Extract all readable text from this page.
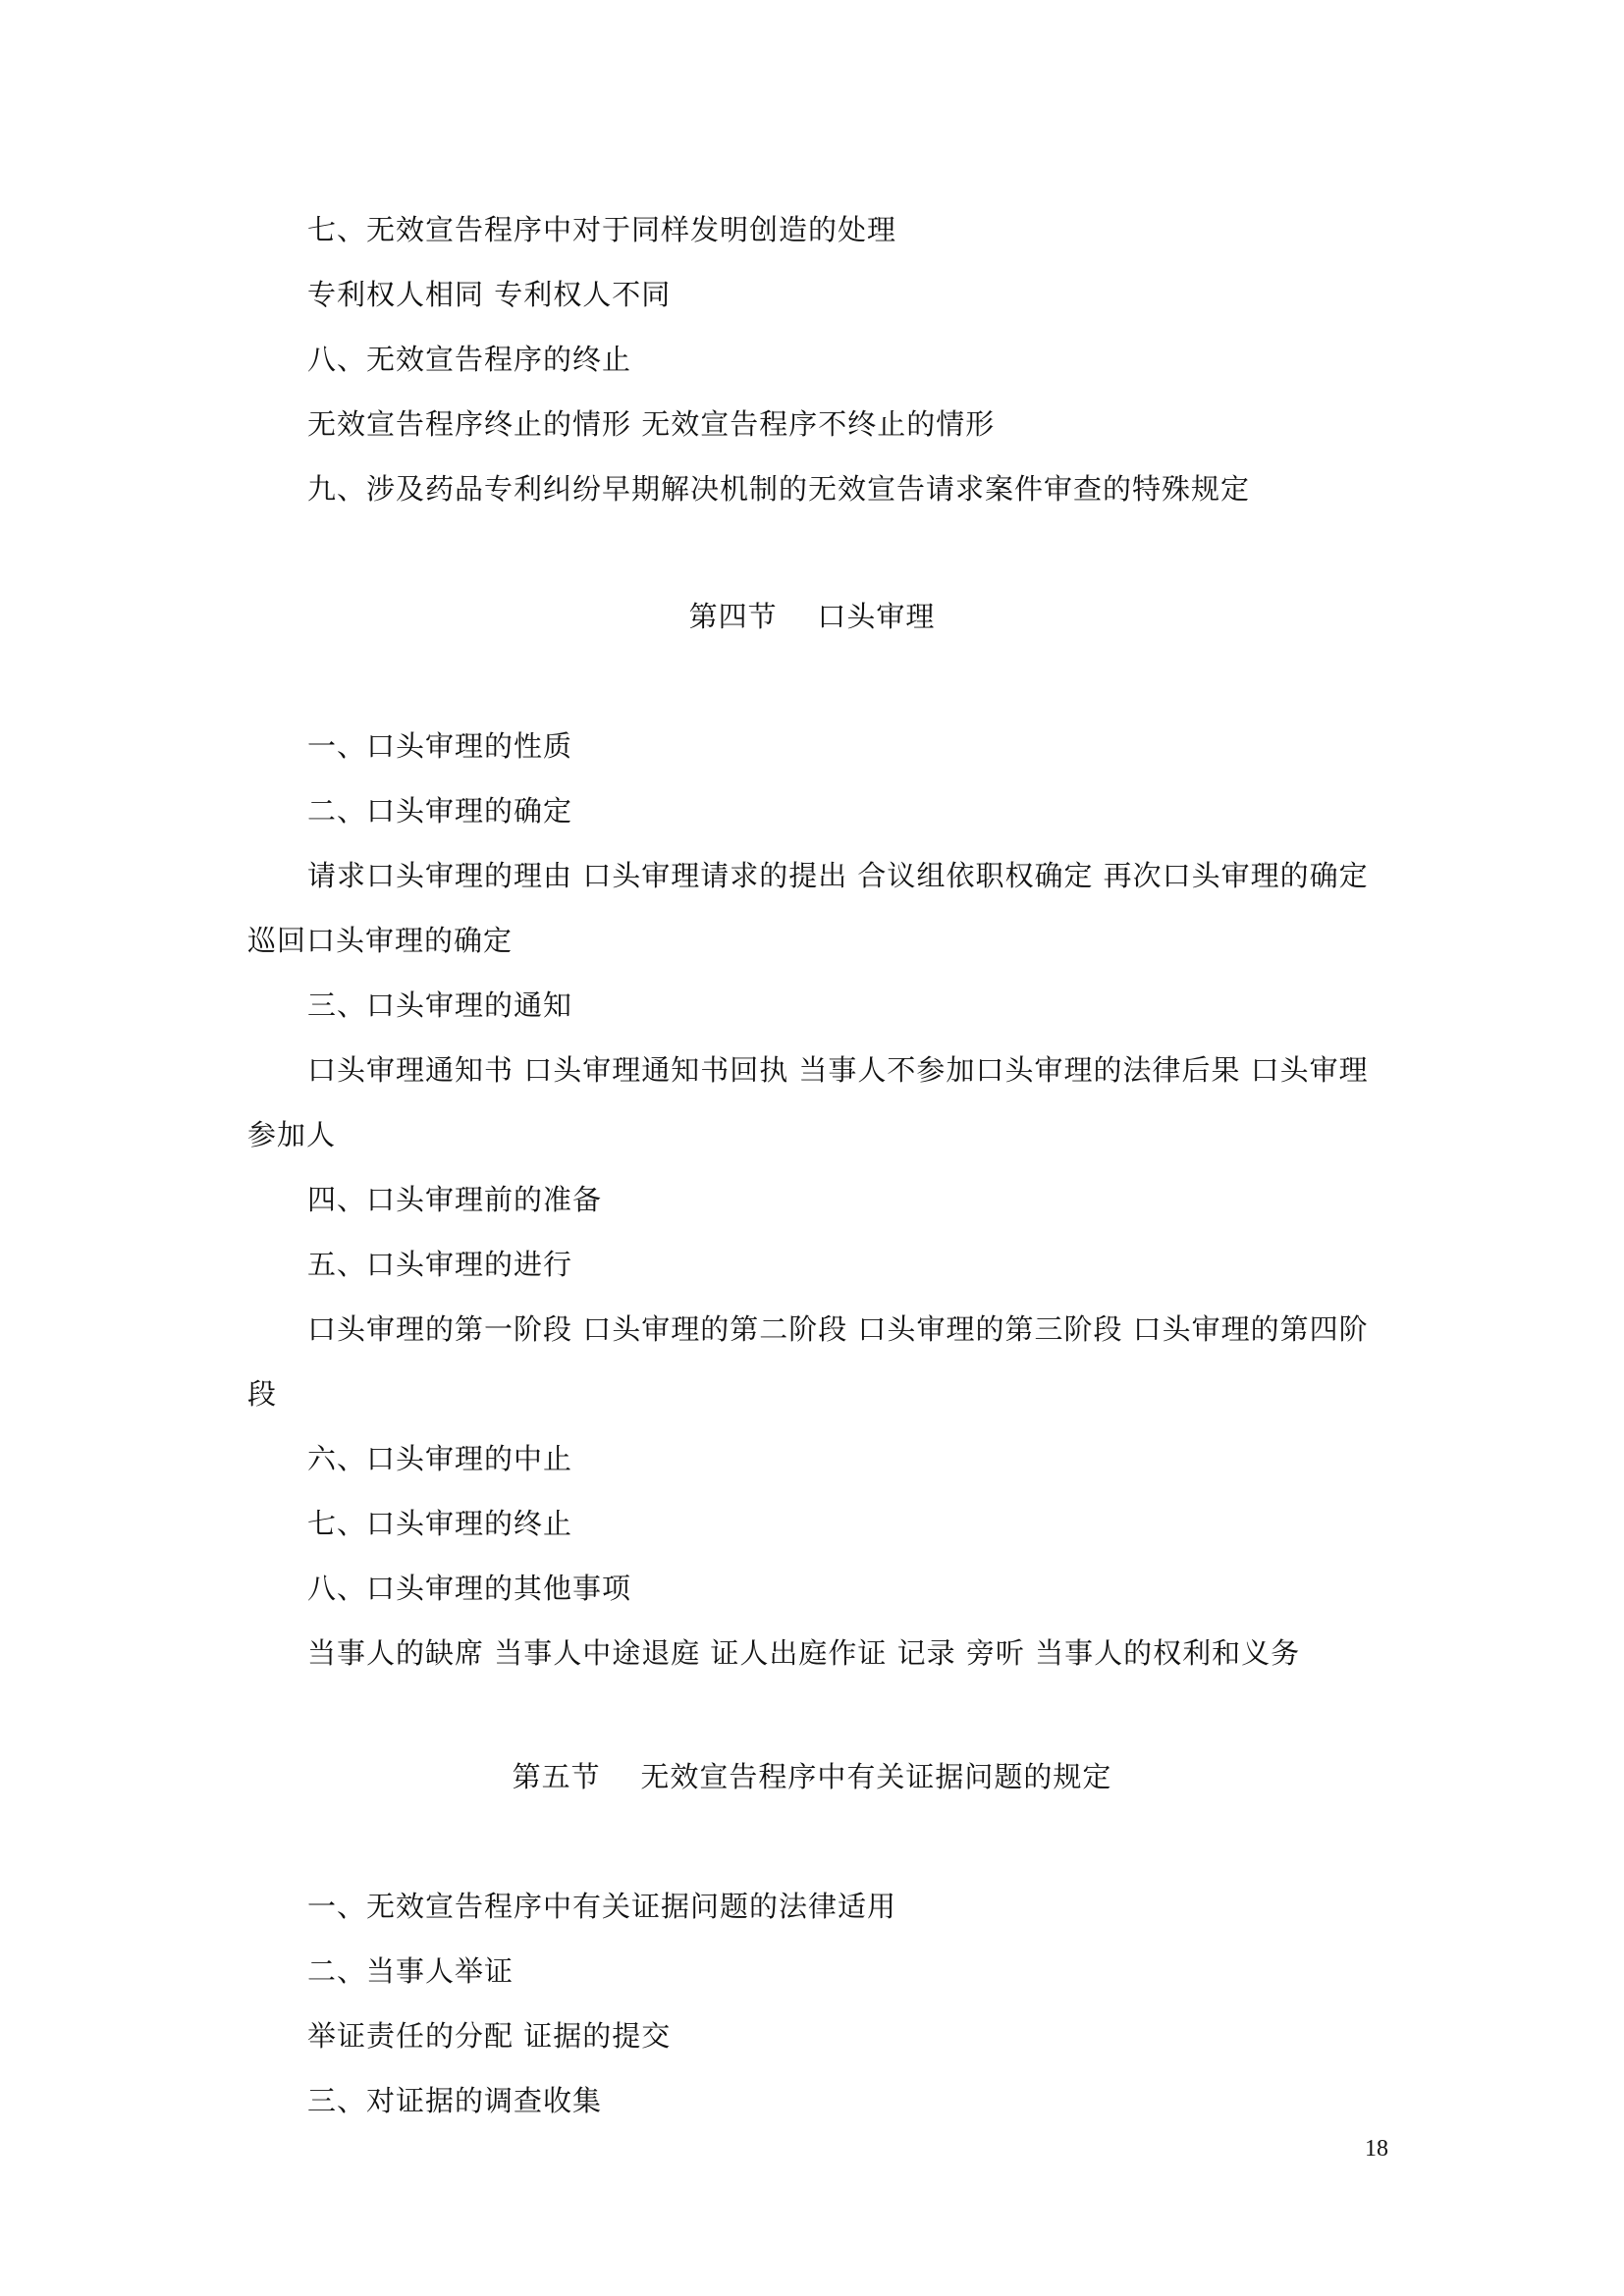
七、无效宣告程序中对于同样发明创造的处理
专利权人相同 专利权人不同
八、无效宣告程序的终止
无效宣告程序终止的情形 无效宣告程序不终止的情形
九、涉及药品专利纠纷早期解决机制的无效宣告请求案件审查的特殊规定
第四节    口头审理
一、口头审理的性质
二、口头审理的确定
请求口头审理的理由 口头审理请求的提出 合议组依职权确定 再次口头审理的确定
巡回口头审理的确定
三、口头审理的通知
口头审理通知书 口头审理通知书回执 当事人不参加口头审理的法律后果 口头审理
参加人
四、口头审理前的准备
五、口头审理的进行
口头审理的第一阶段 口头审理的第二阶段 口头审理的第三阶段 口头审理的第四阶
段
六、口头审理的中止
七、口头审理的终止
八、口头审理的其他事项
当事人的缺席 当事人中途退庭 证人出庭作证 记录 旁听 当事人的权利和义务
第五节    无效宣告程序中有关证据问题的规定
一、无效宣告程序中有关证据问题的法律适用
二、当事人举证
举证责任的分配 证据的提交
三、对证据的调查收集
18
